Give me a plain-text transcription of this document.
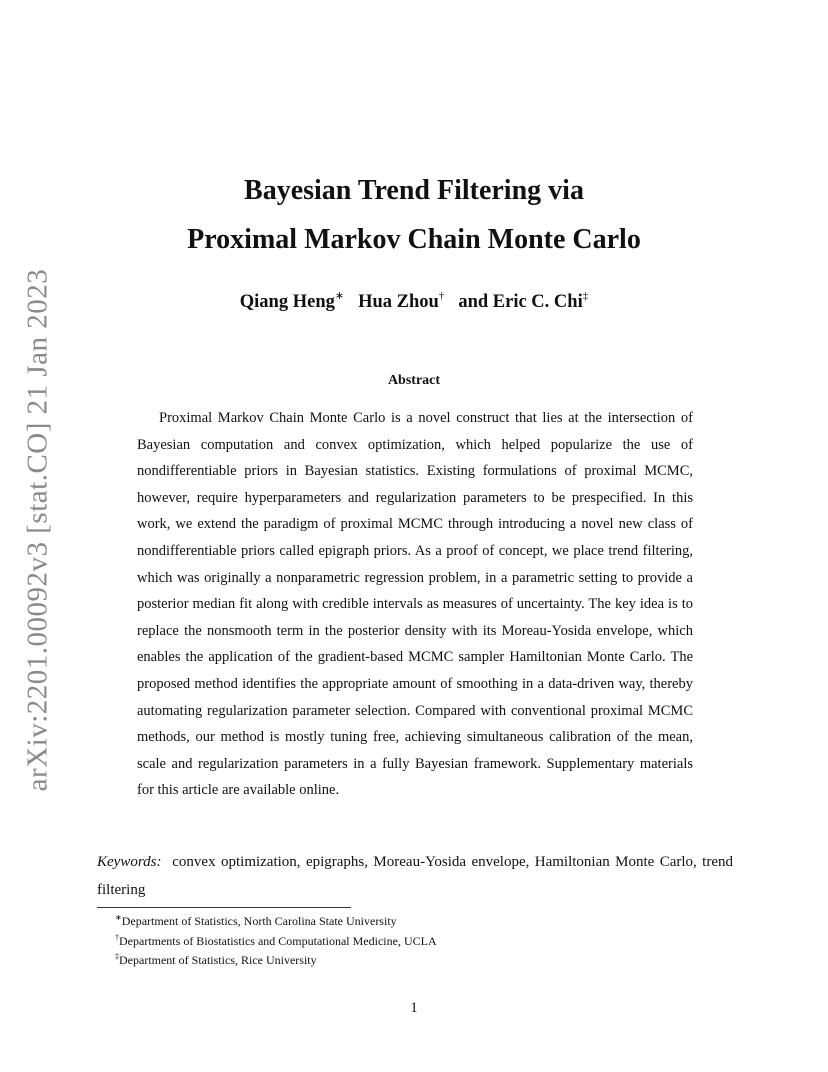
arXiv:2201.00092v3 [stat.CO] 21 Jan 2023
Bayesian Trend Filtering via
Proximal Markov Chain Monte Carlo
Qiang Heng∗ Hua Zhou† and Eric C. Chi‡
Abstract

Proximal Markov Chain Monte Carlo is a novel construct that lies at the intersection of Bayesian computation and convex optimization, which helped popularize the use of nondifferentiable priors in Bayesian statistics. Existing formulations of proximal MCMC, however, require hyperparameters and regularization parameters to be prespecified. In this work, we extend the paradigm of proximal MCMC through introducing a novel new class of nondifferentiable priors called epigraph priors. As a proof of concept, we place trend filtering, which was originally a nonparametric regression problem, in a parametric setting to provide a posterior median fit along with credible intervals as measures of uncertainty. The key idea is to replace the nonsmooth term in the posterior density with its Moreau-Yosida envelope, which enables the application of the gradient-based MCMC sampler Hamiltonian Monte Carlo. The proposed method identifies the appropriate amount of smoothing in a data-driven way, thereby automating regularization parameter selection. Compared with conventional proximal MCMC methods, our method is mostly tuning free, achieving simultaneous calibration of the mean, scale and regularization parameters in a fully Bayesian framework. Supplementary materials for this article are available online.

Keywords: convex optimization, epigraphs, Moreau-Yosida envelope, Hamiltonian Monte Carlo, trend filtering

∗Department of Statistics, North Carolina State University
†Departments of Biostatistics and Computational Medicine, UCLA
‡Department of Statistics, Rice University
1
